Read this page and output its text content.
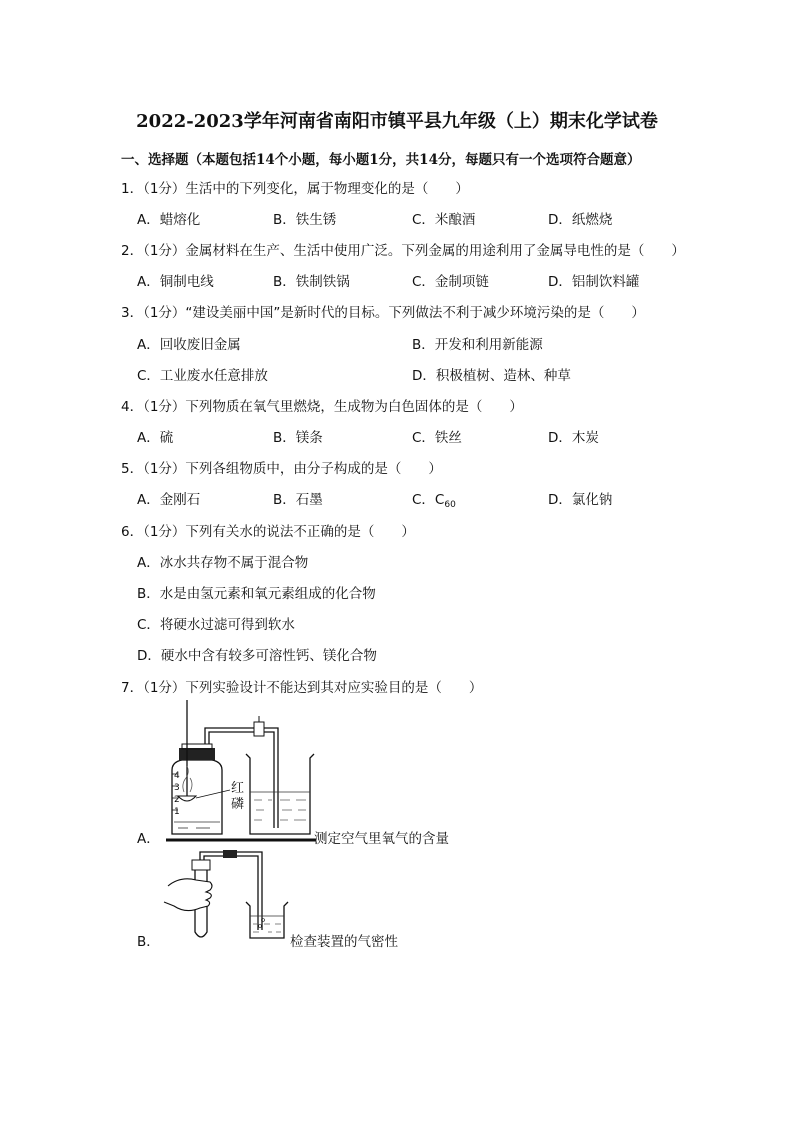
2022-2023学年河南省南阳市镇平县九年级（上）期末化学试卷
一、选择题（本题包括14个小题，每小题1分，共14分，每题只有一个选项符合题意）
1．（1分）生活中的下列变化，属于物理变化的是（　　）
A．蜡熔化	B．铁生锈	C．米酿酒	D．纸燃烧
2．（1分）金属材料在生产、生活中使用广泛。下列金属的用途利用了金属导电性的是（　　）
A．铜制电线	B．铁制铁锅	C．金制项链	D．铝制饮料罐
3．（1分）“建设美丽中国”是新时代的目标。下列做法不利于减少环境污染的是（　　）
A．回收废旧金属	B．开发和利用新能源
C．工业废水任意排放	D．积极植树、造林、种草
4．（1分）下列物质在氧气里燃烧，生成物为白色固体的是（　　）
A．硫	B．镁条	C．铁丝	D．木炭
5．（1分）下列各组物质中，由分子构成的是（　　）
A．金刚石	B．石墨	C．$C_{60}$	D．氯化钠
6．（1分）下列有关水的说法不正确的是（　　）
A．冰水共存物不属于混合物
B．水是由氢元素和氧元素组成的化合物
C．将硬水过滤可得到软水
D．硬水中含有较多可溶性钙、镁化合物
7．（1分）下列实验设计不能达到其对应实验目的是（　　）
A．
4
3
2
1
红
磷
测定空气里氧气的含量
B．	检查装置的气密性
